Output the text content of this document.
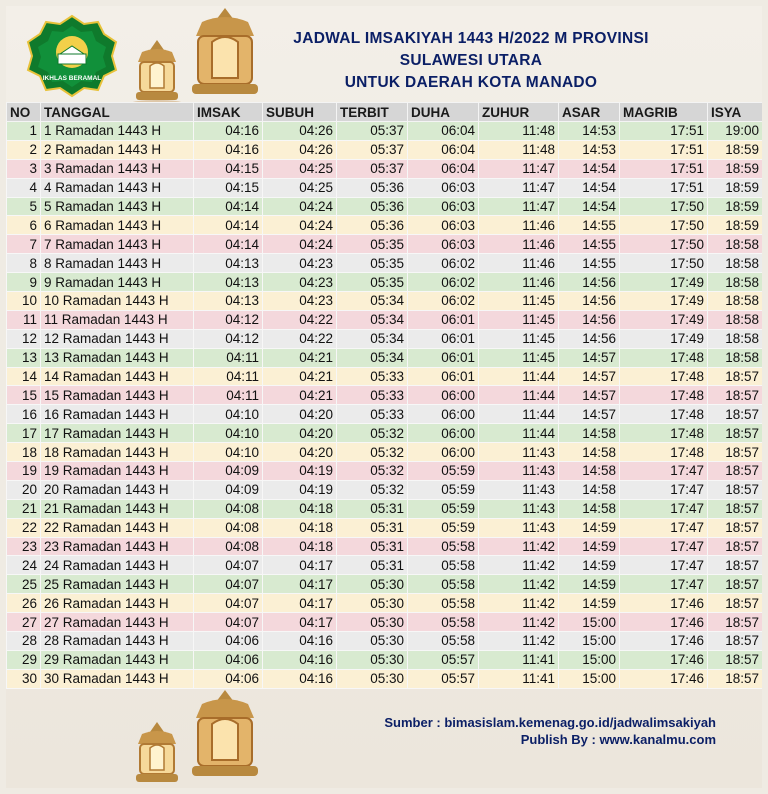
IKHLAS BERAMAL
JADWAL IMSAKIYAH 1443 H/2022 M PROVINSI
SULAWESI UTARA
UNTUK DAERAH KOTA MANADO
NO	TANGGAL	IMSAK	SUBUH	TERBIT	DUHA	ZUHUR	ASAR	MAGRIB	ISYA
1	1 Ramadan 1443 H	04:16	04:26	05:37	06:04	11:48	14:53	17:51	19:00
2	2 Ramadan 1443 H	04:16	04:26	05:37	06:04	11:48	14:53	17:51	18:59
3	3 Ramadan 1443 H	04:15	04:25	05:37	06:04	11:47	14:54	17:51	18:59
4	4 Ramadan 1443 H	04:15	04:25	05:36	06:03	11:47	14:54	17:51	18:59
5	5 Ramadan 1443 H	04:14	04:24	05:36	06:03	11:47	14:54	17:50	18:59
6	6 Ramadan 1443 H	04:14	04:24	05:36	06:03	11:46	14:55	17:50	18:59
7	7 Ramadan 1443 H	04:14	04:24	05:35	06:03	11:46	14:55	17:50	18:58
8	8 Ramadan 1443 H	04:13	04:23	05:35	06:02	11:46	14:55	17:50	18:58
9	9 Ramadan 1443 H	04:13	04:23	05:35	06:02	11:46	14:56	17:49	18:58
10	10 Ramadan 1443 H	04:13	04:23	05:34	06:02	11:45	14:56	17:49	18:58
11	11 Ramadan 1443 H	04:12	04:22	05:34	06:01	11:45	14:56	17:49	18:58
12	12 Ramadan 1443 H	04:12	04:22	05:34	06:01	11:45	14:56	17:49	18:58
13	13 Ramadan 1443 H	04:11	04:21	05:34	06:01	11:45	14:57	17:48	18:58
14	14 Ramadan 1443 H	04:11	04:21	05:33	06:01	11:44	14:57	17:48	18:57
15	15 Ramadan 1443 H	04:11	04:21	05:33	06:00	11:44	14:57	17:48	18:57
16	16 Ramadan 1443 H	04:10	04:20	05:33	06:00	11:44	14:57	17:48	18:57
17	17 Ramadan 1443 H	04:10	04:20	05:32	06:00	11:44	14:58	17:48	18:57
18	18 Ramadan 1443 H	04:10	04:20	05:32	06:00	11:43	14:58	17:48	18:57
19	19 Ramadan 1443 H	04:09	04:19	05:32	05:59	11:43	14:58	17:47	18:57
20	20 Ramadan 1443 H	04:09	04:19	05:32	05:59	11:43	14:58	17:47	18:57
21	21 Ramadan 1443 H	04:08	04:18	05:31	05:59	11:43	14:58	17:47	18:57
22	22 Ramadan 1443 H	04:08	04:18	05:31	05:59	11:43	14:59	17:47	18:57
23	23 Ramadan 1443 H	04:08	04:18	05:31	05:58	11:42	14:59	17:47	18:57
24	24 Ramadan 1443 H	04:07	04:17	05:31	05:58	11:42	14:59	17:47	18:57
25	25 Ramadan 1443 H	04:07	04:17	05:30	05:58	11:42	14:59	17:47	18:57
26	26 Ramadan 1443 H	04:07	04:17	05:30	05:58	11:42	14:59	17:46	18:57
27	27 Ramadan 1443 H	04:07	04:17	05:30	05:58	11:42	15:00	17:46	18:57
28	28 Ramadan 1443 H	04:06	04:16	05:30	05:58	11:42	15:00	17:46	18:57
29	29 Ramadan 1443 H	04:06	04:16	05:30	05:57	11:41	15:00	17:46	18:57
30	30 Ramadan 1443 H	04:06	04:16	05:30	05:57	11:41	15:00	17:46	18:57
Sumber : bimasislam.kemenag.go.id/jadwalimsakiyah
Publish By : www.kanalmu.com
